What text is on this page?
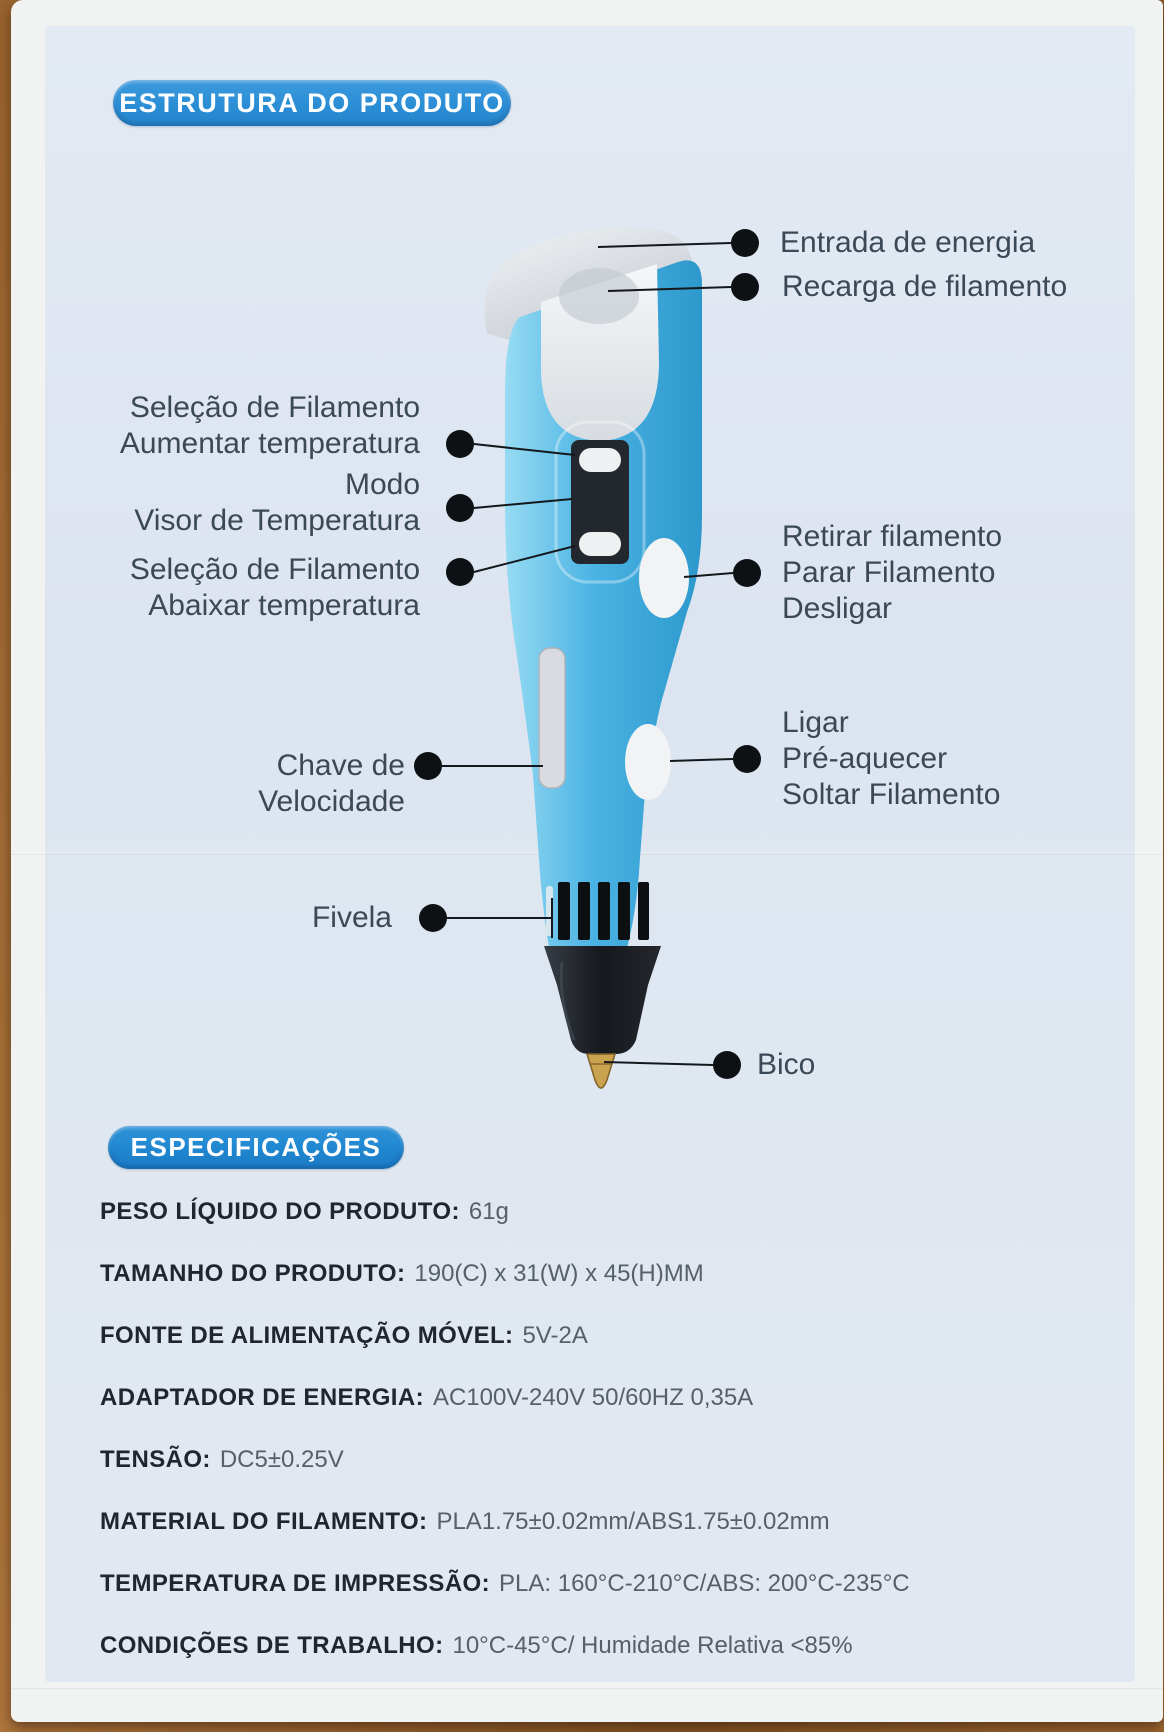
ESTRUTURA DO PRODUTO
Seleção de Filamento
Aumentar temperatura
Modo
Visor de Temperatura
Seleção de Filamento
Abaixar temperatura
Chave de
Velocidade
Fivela
Entrada de energia
Recarga de filamento
Retirar filamento
Parar Filamento
Desligar
Ligar
Pré-aquecer
Soltar Filamento
Bico
ESPECIFICAÇÕES
PESO LÍQUIDO DO PRODUTO: 61g
TAMANHO DO PRODUTO: 190(C) x 31(W) x 45(H)MM
FONTE DE ALIMENTAÇÃO MÓVEL: 5V-2A
ADAPTADOR DE ENERGIA: AC100V-240V 50/60HZ 0,35A
TENSÃO: DC5±0.25V
MATERIAL DO FILAMENTO: PLA1.75±0.02mm/ABS1.75±0.02mm
TEMPERATURA DE IMPRESSÃO: PLA: 160°C-210°C/ABS: 200°C-235°C
CONDIÇÕES DE TRABALHO: 10°C-45°C/ Humidade Relativa <85%
